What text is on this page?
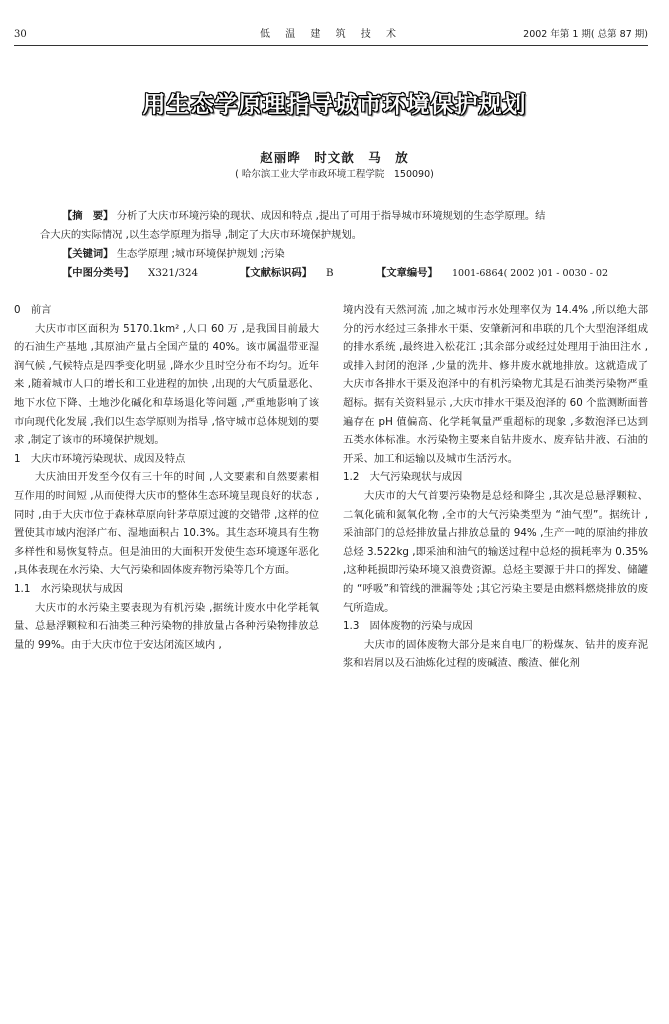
30	低 温 建 筑 技 术	2002 年第 1 期( 总第 87 期)
用生态学原理指导城市环境保护规划
赵丽晔　时文歆　马　放
( 哈尔滨工业大学市政环境工程学院　150090)

【摘　要】 分析了大庆市环境污染的现状、成因和特点 ,提出了可用于指导城市环境规划的生态学原理。结

合大庆的实际情况 ,以生态学原理为指导 ,制定了大庆市环境保护规划。

【关键词】 生态学原理 ;城市环境保护规划 ;污染

【中图分类号】 X321/324	【文献标识码】 B	【文章编号】 1001-6864( 2002 )01 - 0030 - 02

0　前言

大庆市市区面积为 5170.1km² ,人口 60 万 ,是我国目前最大的石油生产基地 ,其原油产量占全国产量的 40%。该市属温带亚湿润气候 ,气候特点是四季变化明显 ,降水少且时空分布不均匀。近年来 ,随着城市人口的增长和工业进程的加快 ,出现的大气质量恶化、地下水位下降、土地沙化碱化和草场退化等问题 ,严重地影响了该市向现代化发展 ,我们以生态学原则为指导 ,恪守城市总体规划的要求 ,制定了该市的环境保护规划。

1　大庆市环境污染现状、成因及特点

大庆油田开发至今仅有三十年的时间 ,人文要素和自然要素相互作用的时间短 ,从而使得大庆市的整体生态环境呈现良好的状态 ,同时 ,由于大庆市位于森林草原向针茅草原过渡的交错带 ,这样的位置使其市域内泡泽广布、湿地面积占 10.3%。其生态环境具有生物多样性和易恢复特点。但是油田的大面积开发使生态环境逐年恶化 ,具体表现在水污染、大气污染和固体废弃物污染等几个方面。

1.1　水污染现状与成因

大庆市的水污染主要表现为有机污染 ,据统计废水中化学耗氧量、总悬浮颗粒和石油类三种污染物的排放量占各种污染物排放总量的 99%。由于大庆市位于安达闭流区域内 ,

境内没有天然河流 ,加之城市污水处理率仅为 14.4% ,所以绝大部分的污水经过三条排水干渠、安肇新河和串联的几个大型泡泽组成的排水系统 ,最终进入松花江 ;其余部分或经过处理用于油田注水 ,或排入封闭的泡泽 ,少量的洗井、修井废水就地排放。这就造成了大庆市各排水干渠及泡泽中的有机污染物尤其是石油类污染物严重超标。据有关资料显示 ,大庆市排水干渠及泡泽的 60 个监测断面普遍存在 pH 值偏高、化学耗氧量严重超标的现象 ,多数泡泽已达到五类水体标准。水污染物主要来自钻井废水、废弃钻井液、石油的开采、加工和运输以及城市生活污水。

1.2　大气污染现状与成因

大庆市的大气首要污染物是总烃和降尘 ,其次是总悬浮颗粒、二氧化硫和氮氧化物 ,全市的大气污染类型为 “油气型”。据统计 ,采油部门的总烃排放量占排放总量的 94% ,生产一吨的原油约排放总烃 3.522kg ,即采油和油气的输送过程中总烃的损耗率为 0.35% ,这种耗损即污染环境又浪费资源。总烃主要源于井口的挥发、储罐的 “呼吸”和管线的泄漏等处 ;其它污染主要是由燃料燃烧排放的废气所造成。

1.3　固体废物的污染与成因

大庆市的固体废物大部分是来自电厂的粉煤灰、钻井的废弃泥浆和岩屑以及石油炼化过程的废碱渣、酸渣、催化剂
